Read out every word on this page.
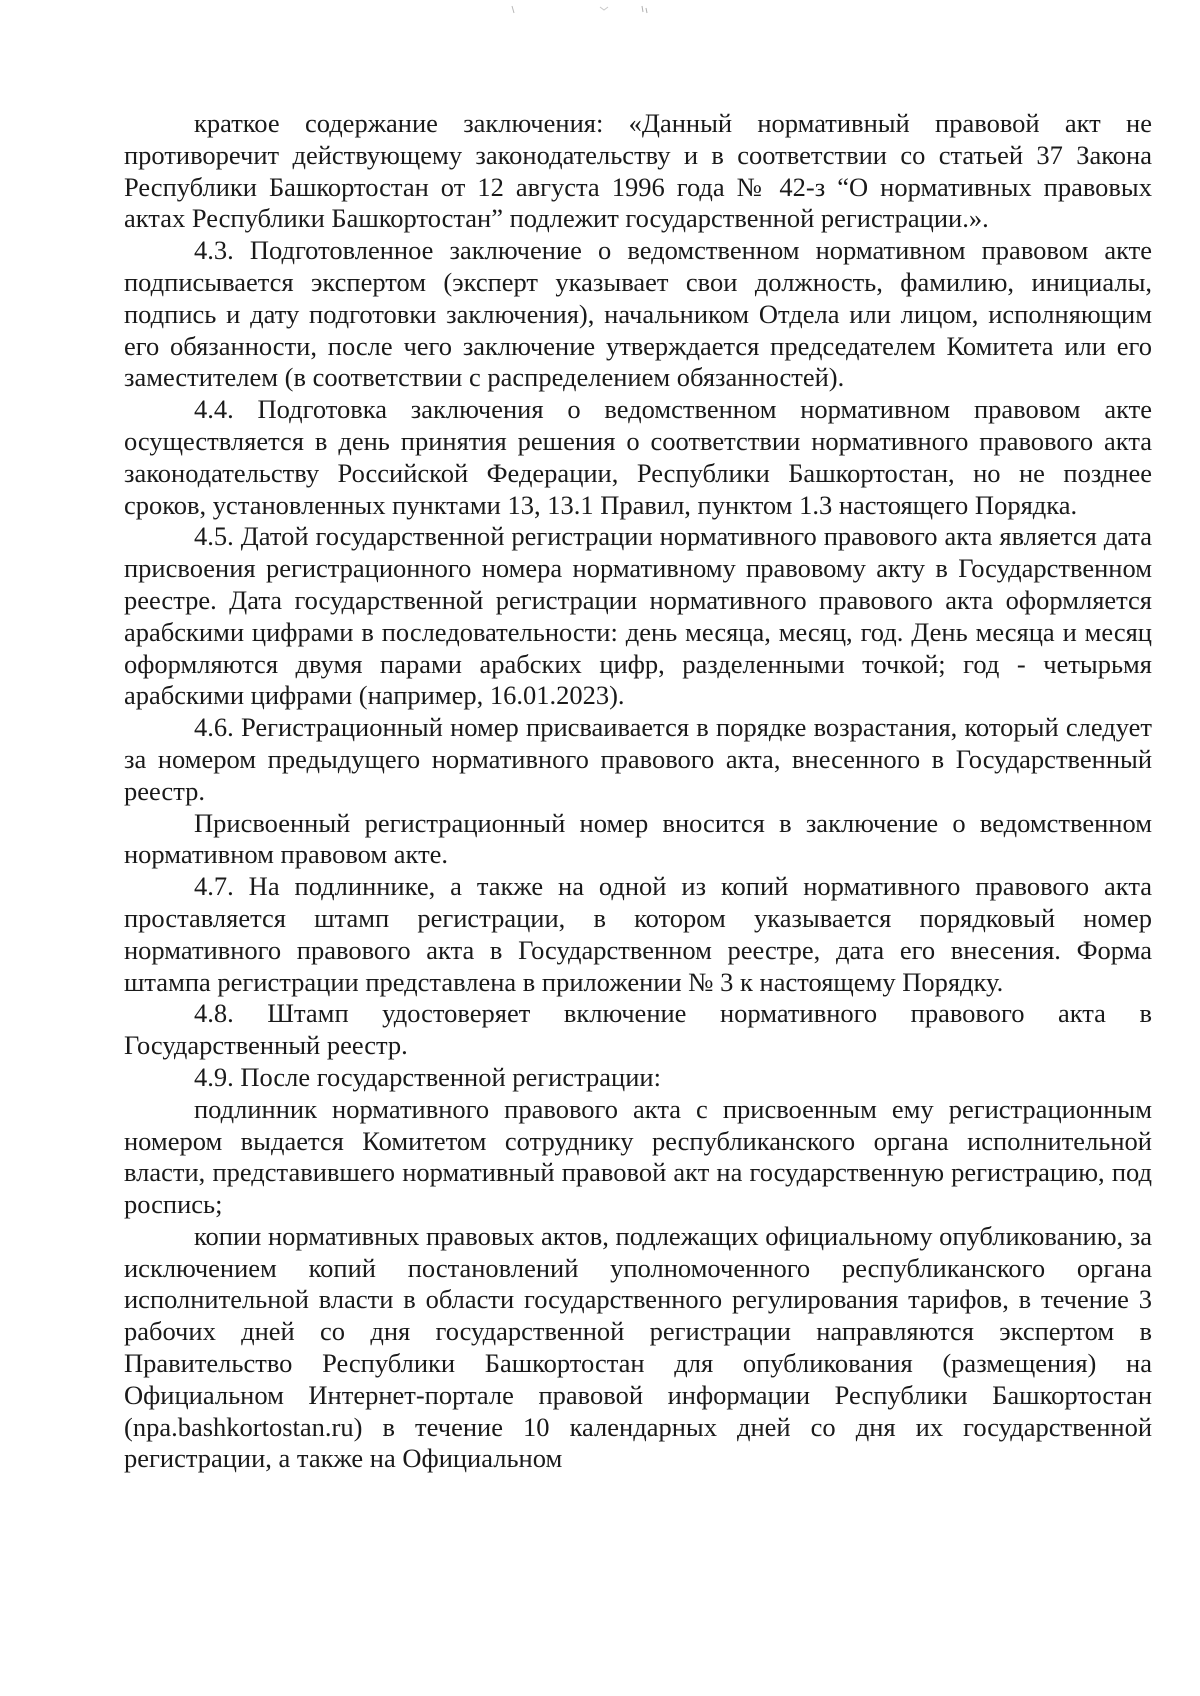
краткое содержание заключения: «Данный нормативный правовой акт не противоречит действующему законодательству и в соответствии со статьей 37 Закона Республики Башкортостан от 12 августа 1996 года № 42-з “О нормативных правовых актах Республики Башкортостан” подлежит государственной регистрации.».

4.3. Подготовленное заключение о ведомственном нормативном правовом акте подписывается экспертом (эксперт указывает свои должность, фамилию, инициалы, подпись и дату подготовки заключения), начальником Отдела или лицом, исполняющим его обязанности, после чего заключение утверждается председателем Комитета или его заместителем (в соответствии с распределением обязанностей).

4.4. Подготовка заключения о ведомственном нормативном правовом акте осуществляется в день принятия решения о соответствии нормативного правового акта законодательству Российской Федерации, Республики Башкортостан, но не позднее сроков, установленных пунктами 13, 13.1 Правил, пунктом 1.3 настоящего Порядка.

4.5. Датой государственной регистрации нормативного правового акта является дата присвоения регистрационного номера нормативному правовому акту в Государственном реестре. Дата государственной регистрации нормативного правового акта оформляется арабскими цифрами в последовательности: день месяца, месяц, год. День месяца и месяц оформляются двумя парами арабских цифр, разделенными точкой; год - четырьмя арабскими цифрами (например, 16.01.2023).

4.6. Регистрационный номер присваивается в порядке возрастания, который следует за номером предыдущего нормативного правового акта, внесенного в Государственный реестр.

Присвоенный регистрационный номер вносится в заключение о ведомственном нормативном правовом акте.

4.7. На подлиннике, а также на одной из копий нормативного правового акта проставляется штамп регистрации, в котором указывается порядковый номер нормативного правового акта в Государственном реестре, дата его внесения. Форма штампа регистрации представлена в приложении № 3 к настоящему Порядку.

4.8. Штамп удостоверяет включение нормативного правового акта в Государственный реестр.

4.9. После государственной регистрации:

подлинник нормативного правового акта с присвоенным ему регистрационным номером выдается Комитетом сотруднику республиканского органа исполнительной власти, представившего нормативный правовой акт на государственную регистрацию, под роспись;

копии нормативных правовых актов, подлежащих официальному опубликованию, за исключением копий постановлений уполномоченного республиканского органа исполнительной власти в области государственного регулирования тарифов, в течение 3 рабочих дней со дня государственной регистрации направляются экспертом в Правительство Республики Башкортостан для опубликования (размещения) на Официальном Интернет-портале правовой информации Республики Башкортостан (npa.bashkortostan.ru) в течение 10 календарных дней со дня их государственной регистрации, а также на Официальном
